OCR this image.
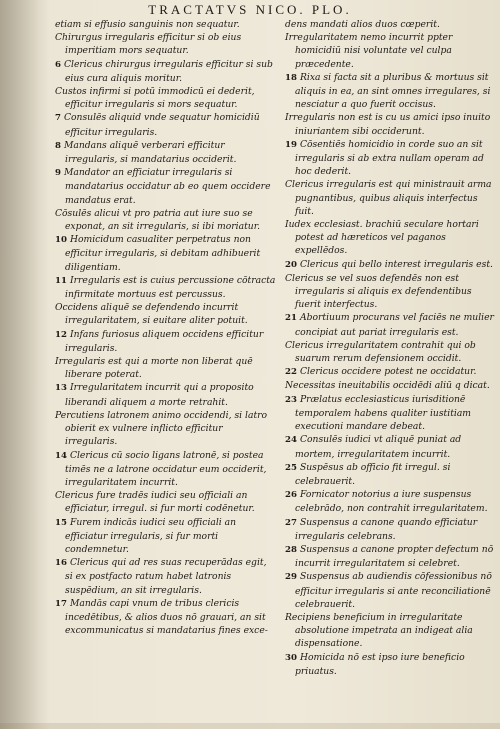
TRACTATVS NICO. PLO.

etiam si effusio sanguinis non sequatur.

Chirurgus irregularis efficitur si ob eius imperitiam mors sequatur.

6 Clericus chirurgus irregularis efficitur si sub eius cura aliquis moritur.

Custos infirmi si potū immodicū ei dederit, efficitur irregularis si mors sequatur.

7 Consulēs aliquid vnde sequatur homicidiū efficitur irregularis.

8 Mandans aliquē verberari efficitur irregularis, si mandatarius occiderit.

9 Mandator an efficiatur irregularis si mandatarius occidatur ab eo quem occidere mandatus erat.

Cōsulēs alicui vt pro patria aut iure suo se exponat, an sit irregularis, si ibi moriatur.

10 Homicidum casualiter perpetratus non efficitur irregularis, si debitam adhibuerit diligentiam.

11 Irregularis est is cuius percussione cōtracta infirmitate mortuus est percussus.

Occidens aliquē se defendendo incurrit irregularitatem, si euitare aliter potuit.

12 Infans furiosus aliquem occidens efficitur irregularis.

Irregularis est qui a morte non liberat quē liberare poterat.

13 Irregularitatem incurrit qui a proposito liberandi aliquem a morte retrahit.

Percutiens latronem animo occidendi, si latro obierit ex vulnere inflicto efficitur irregularis.

14 Clericus cū socio ligans latronē, si postea timēs ne a latrone occidatur eum occiderit, irregularitatem incurrit.

Clericus fure tradēs iudici seu officiali an efficiatur, irregul. si fur morti codēnetur.

15 Furem indicās iudici seu officiali an efficiatur irregularis, si fur morti condemnetur.

16 Clericus qui ad res suas recuperādas egit, si ex postfacto ratum habet latronis suspēdium, an sit irregularis.

17 Mandās capi vnum de tribus clericis incedētibus, & alios duos nō grauari, an sit excommunicatus si mandatarius fines exce-

dens mandati alios duos cœperit.

Irregularitatem nemo incurrit ppter homicidiū nisi voluntate vel culpa præcedente.

18 Rixa si facta sit a pluribus & mortuus sit aliquis in ea, an sint omnes irregulares, si nesciatur a quo fuerit occisus.

Irregularis non est is cu us amici ipso inuito iniuriantem sibi occiderunt.

19 Cōsentiēs homicidio in corde suo an sit irregularis si ab extra nullam operam ad hoc dederit.

Clericus irregularis est qui ministrauit arma pugnantibus, quibus aliquis interfectus fuit.

Iudex ecclesiast. brachiū seculare hortari potest ad hæreticos vel paganos expellēdos.

20 Clericus qui bello interest irregularis est.

Clericus se vel suos defendēs non est irregularis si aliquis ex defendentibus fuerit interfectus.

21 Abortiuum procurans vel faciēs ne mulier concipiat aut pariat irregularis est.

Clericus irregularitatem contrahit qui ob suarum rerum defensionem occidit.

22 Clericus occidere potest ne occidatur.

Necessitas ineuitabilis occidēdi aliū q dicat.

23 Prælatus ecclesiasticus iurisditionē temporalem habens qualiter iustitiam executioni mandare debeat.

24 Consulēs iudici vt aliquē puniat ad mortem, irregularitatem incurrit.

25 Suspēsus ab officio fit irregul. si celebrauerit.

26 Fornicator notorius a iure suspensus celebrādo, non contrahit irregularitatem.

27 Suspensus a canone quando efficiatur irregularis celebrans.

28 Suspensus a canone propter defectum nō incurrit irregularitatem si celebret.

29 Suspensus ab audiendis cōfessionibus nō efficitur irregularis si ante reconciliationē celebrauerit.

Recipiens beneficium in irregularitate absolutione impetrata an indigeat alia dispensatione.

30 Homicida nō est ipso iure beneficio priuatus.
